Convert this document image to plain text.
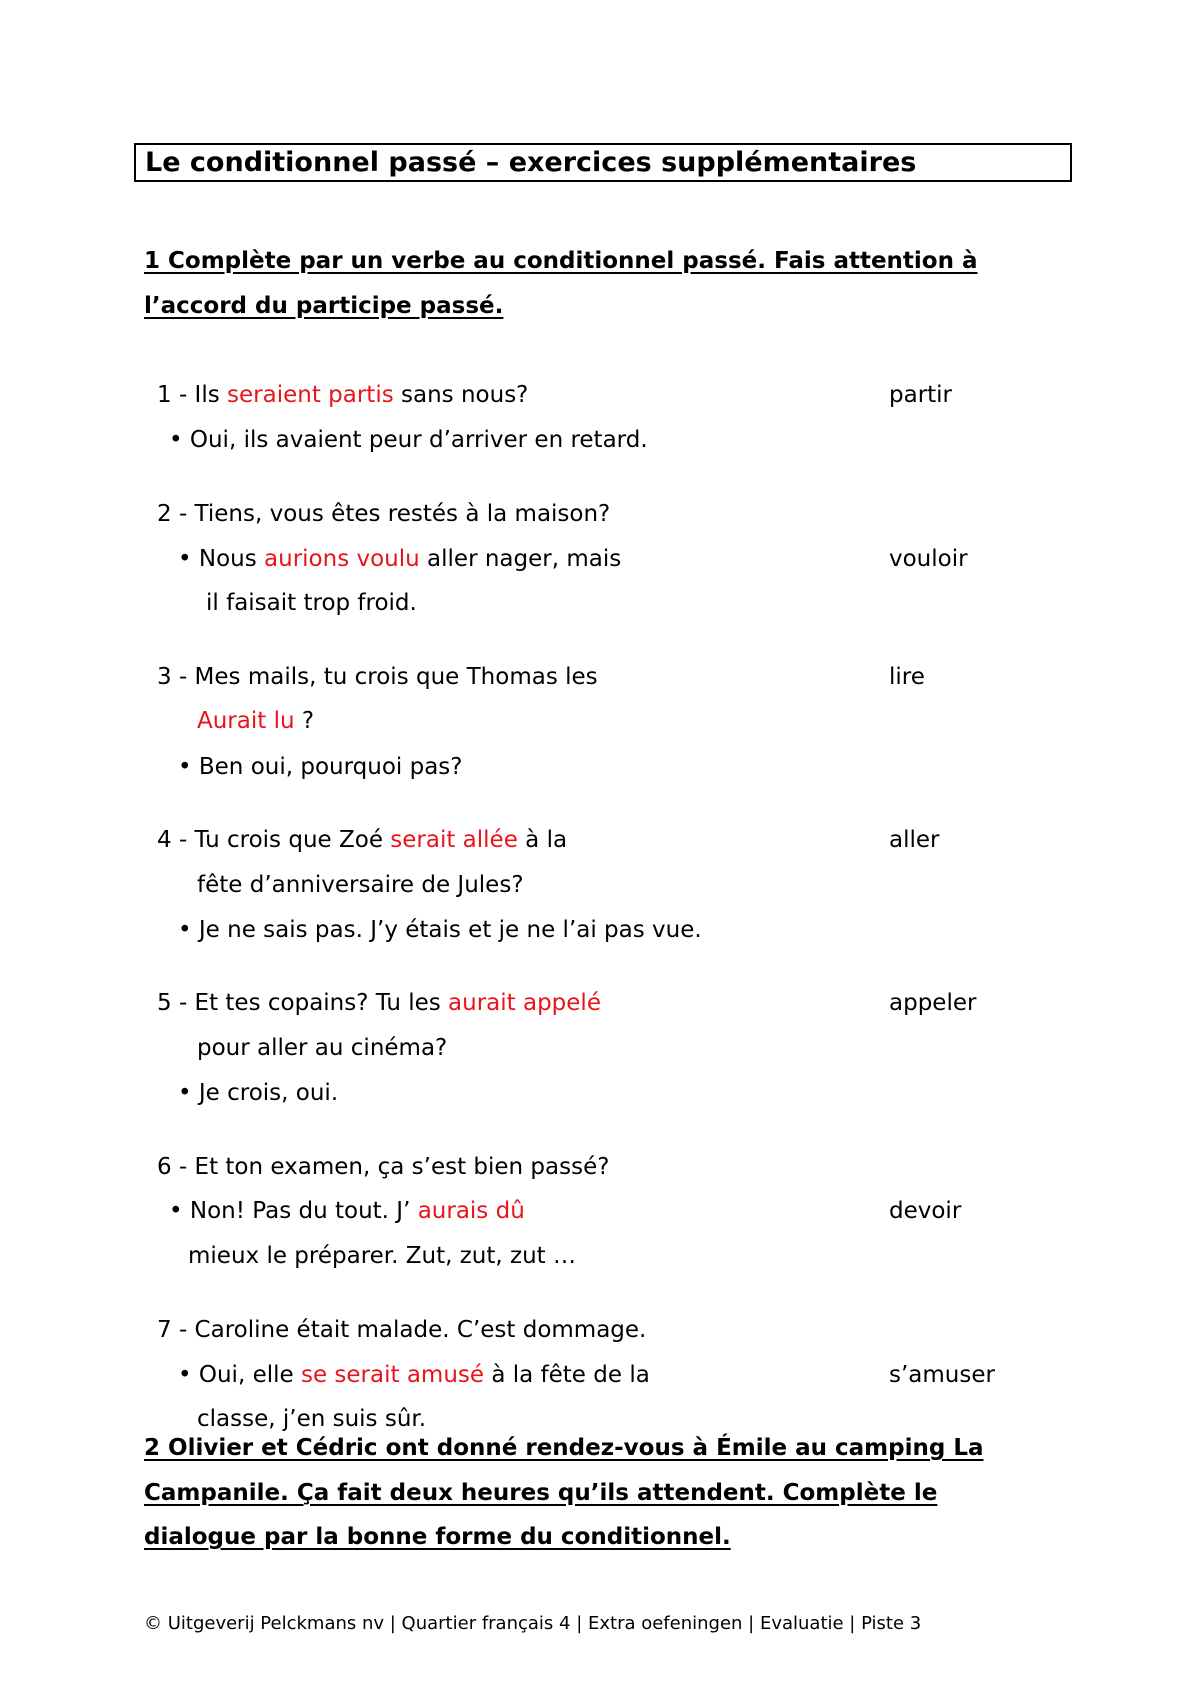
Le conditionnel passé – exercices supplémentaires
1 Complète par un verbe au conditionnel passé. Fais attention à
l’accord du participe passé.
1 - Ils seraient partis sans nous?	partir
• Oui, ils avaient peur d’arriver en retard.
2 - Tiens, vous êtes restés à la maison?
• Nous aurions voulu aller nager, mais	vouloir
il faisait trop froid.
3 - Mes mails, tu crois que Thomas les	lire
Aurait lu ?
• Ben oui, pourquoi pas?
4 - Tu crois que Zoé serait allée à la	aller
fête d’anniversaire de Jules?
• Je ne sais pas. J’y étais et je ne l’ai pas vue.
5 - Et tes copains? Tu les aurait appelé	appeler
pour aller au cinéma?
• Je crois, oui.
6 - Et ton examen, ça s’est bien passé?
• Non! Pas du tout. J’ aurais dû	devoir
mieux le préparer. Zut, zut, zut …
7 - Caroline était malade. C’est dommage.
• Oui, elle se serait amusé à la fête de la	s’amuser
classe, j’en suis sûr.
2 Olivier et Cédric ont donné rendez-vous à Émile au camping La
Campanile. Ça fait deux heures qu’ils attendent. Complète le
dialogue par la bonne forme du conditionnel.
© Uitgeverij Pelckmans nv | Quartier français 4 | Extra oefeningen | Evaluatie | Piste 3
